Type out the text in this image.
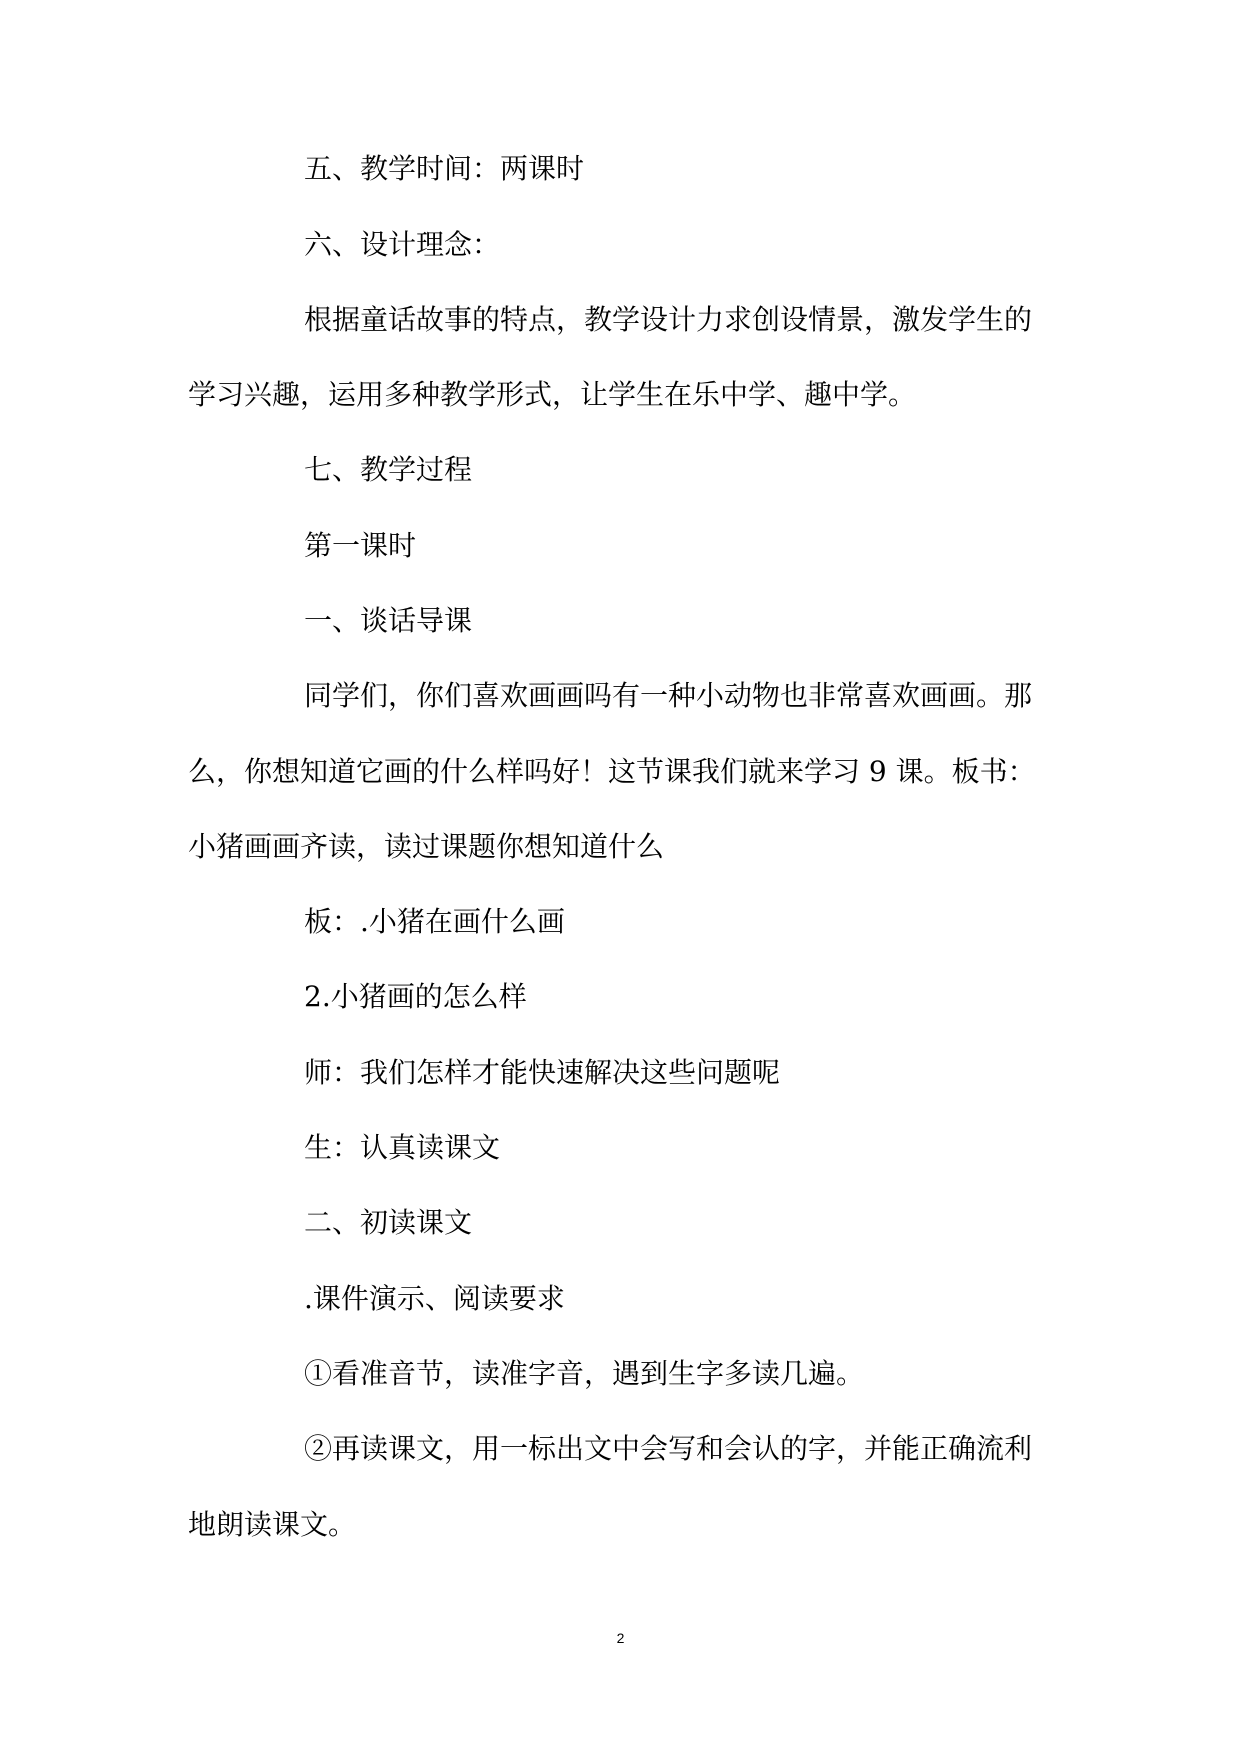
五、教学时间：两课时
六、设计理念：
根据童话故事的特点，教学设计力求创设情景，激发学生的
学习兴趣，运用多种教学形式，让学生在乐中学、趣中学。
七、教学过程
第一课时
一、谈话导课
同学们，你们喜欢画画吗有一种小动物也非常喜欢画画。那
么，你想知道它画的什么样吗好！这节课我们就来学习 9 课。板书：
小猪画画齐读，读过课题你想知道什么
板：.小猪在画什么画
2.小猪画的怎么样
师：我们怎样才能快速解决这些问题呢
生：认真读课文
二、初读课文
.课件演示、阅读要求
①看准音节，读准字音，遇到生字多读几遍。
②再读课文，用一标出文中会写和会认的字，并能正确流利
地朗读课文。
2
